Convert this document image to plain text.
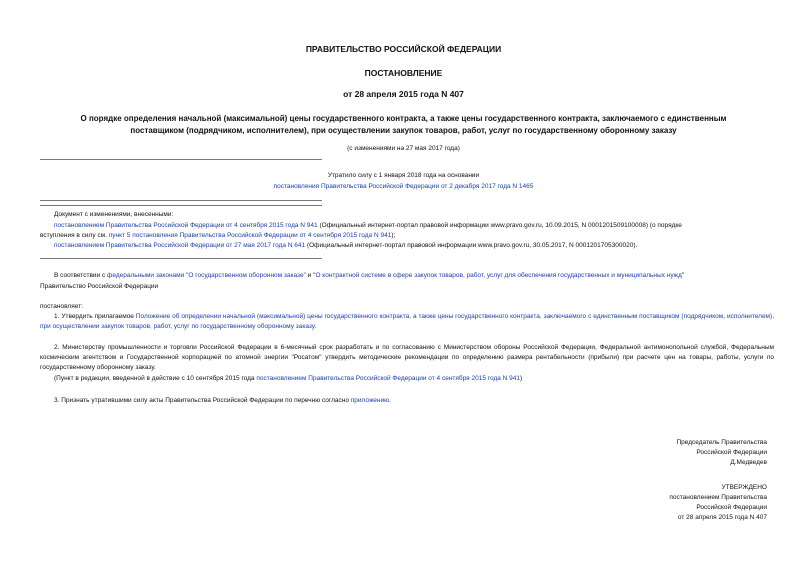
ПРАВИТЕЛЬСТВО РОССИЙСКОЙ ФЕДЕРАЦИИ
ПОСТАНОВЛЕНИЕ
от 28 апреля 2015 года N 407
О порядке определения начальной (максимальной) цены государственного контракта, а также цены государственного контракта, заключаемого с единственным
поставщиком (подрядчиком, исполнителем), при осуществлении закупок товаров, работ, услуг по государственному оборонному заказу
(с изменениями на 27 мая 2017 года)
Утратило силу с 1 января 2018 года на основании
постановления Правительства Российской Федерации от 2 декабря 2017 года N 1465
Документ с изменениями, внесенными:
постановлением Правительства Российской Федерации от 4 сентября 2015 года N 941 (Официальный интернет-портал правовой информации www.pravo.gov.ru, 10.09.2015, N 0001201509100008) (о порядке
вступления в силу см. пункт 5 постановления Правительства Российской Федерации от 4 сентября 2015 года N 941);
постановлением Правительства Российской Федерации от 27 мая 2017 года N 641 (Официальный интернет-портал правовой информации www.pravo.gov.ru, 30.05.2017, N 0001201705300020).
В соответствии с федеральными законами "О государственном оборонном заказе" и "О контрактной системе в сфере закупок товаров, работ, услуг для обеспечения государственных и муниципальных нужд"
Правительство Российской Федерации
постановляет:
1. Утвердить прилагаемое Положение об определении начальной (максимальной) цены государственного контракта, а также цены государственного контракта, заключаемого с единственным поставщиком (подрядчиком, исполнителем), при осуществлении закупок товаров, работ, услуг по государственному оборонному заказу.
2. Министерству промышленности и торговли Российской Федерации в 6-месячный срок разработать и по согласованию с Министерством обороны Российской Федерации, Федеральной антимонопольной службой, Федеральным космическим агентством и Государственной корпорацией по атомной энергии "Росатом" утвердить методические рекомендации по определению размера рентабельности (прибыли) при расчете цен на товары, работы, услуги по государственному оборонному заказу.
(Пункт в редакции, введенной в действие с 10 сентября 2015 года постановлением Правительства Российской Федерации от 4 сентября 2015 года N 941)
3. Признать утратившими силу акты Правительства Российской Федерации по перечню согласно приложению.
Председатель Правительства
Российской Федерации
Д.Медведев
УТВЕРЖДЕНО
постановлением Правительства
Российской Федерации
от 28 апреля 2015 года N 407
